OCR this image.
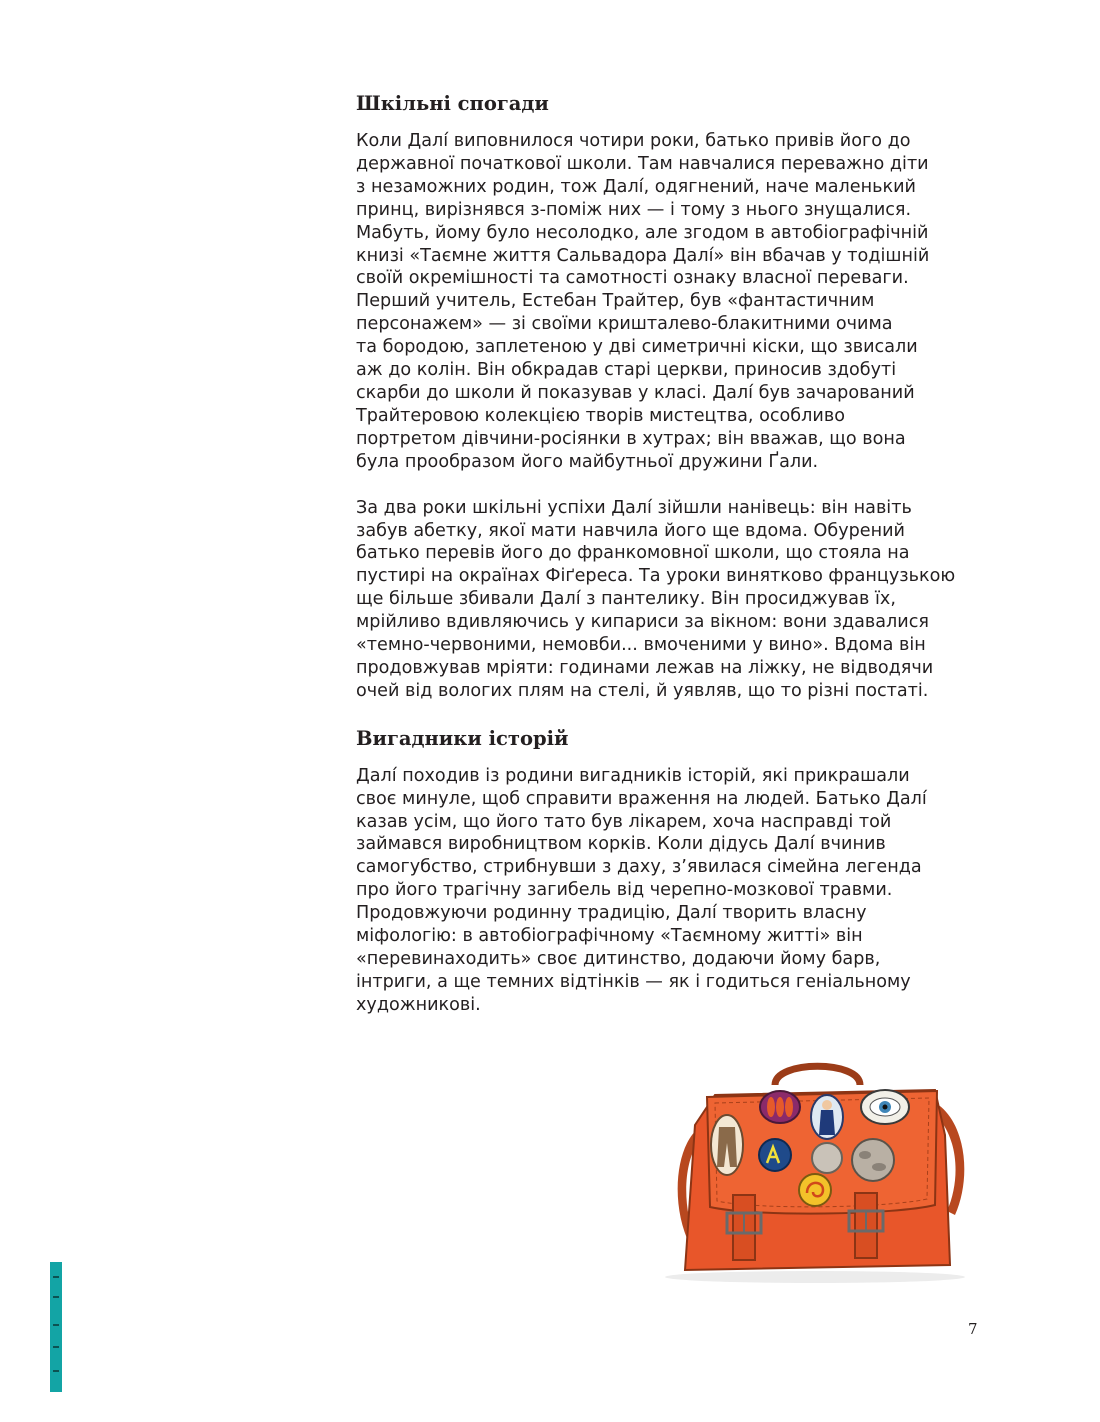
Шкільні спогади

Коли Далí виповнилося чотири роки, батько привів його до
державної початкової школи. Там навчалися переважно діти
з незаможних родин, тож Далí, одягнений, наче маленький
принц, вирізнявся з-поміж них — і тому з нього знущалися.
Мабуть, йому було несолодко, але згодом в автобіографічній
книзі «Таємне життя Сальвадора Далí» він вбачав у тодішній
своїй окремішності та самотності ознаку власної переваги.
Перший учитель, Естебан Трайтер, був «фантастичним
персонажем» — зі своїми кришталево-блакитними очима
та бородою, заплетеною у дві симетричні кіски, що звисали
аж до колін. Він обкрадав старі церкви, приносив здобуті
скарби до школи й показував у класі. Далí був зачарований
Трайтеровою колекцією творів мистецтва, особливо
портретом дівчини-росіянки в хутрах; він вважав, що вона
була прообразом його майбутньої дружини Ґали.

За два роки шкільні успіхи Далí зійшли нанівець: він навіть
забув абетку, якої мати навчила його ще вдома. Обурений
батько перевів його до франкомовної школи, що стояла на
пустирі на окраїнах Фіґереса. Та уроки винятково французькою
ще більше збивали Далí з пантелику. Він просиджував їх,
мрійливо вдивляючись у кипариси за вікном: вони здавалися
«темно-червоними, немовби... вмоченими у вино». Вдома він
продовжував мріяти: годинами лежав на ліжку, не відводячи
очей від вологих плям на стелі, й уявляв, що то різні постаті.

Вигадники історій

Далí походив із родини вигадників історій, які прикрашали
своє минуле, щоб справити враження на людей. Батько Далí
казав усім, що його тато був лікарем, хоча насправді той
займався виробництвом корків. Коли дідусь Далí вчинив
самогубство, стрибнувши з даху, з’явилася сімейна легенда
про його трагічну загибель від черепно-мозкової травми.
Продовжуючи родинну традицію, Далí творить власну
міфологію: в автобіографічному «Таємному житті» він
«перевинаходить» своє дитинство, додаючи йому барв,
інтриги, а ще темних відтінків — як і годиться геніальному
художникові.

7
